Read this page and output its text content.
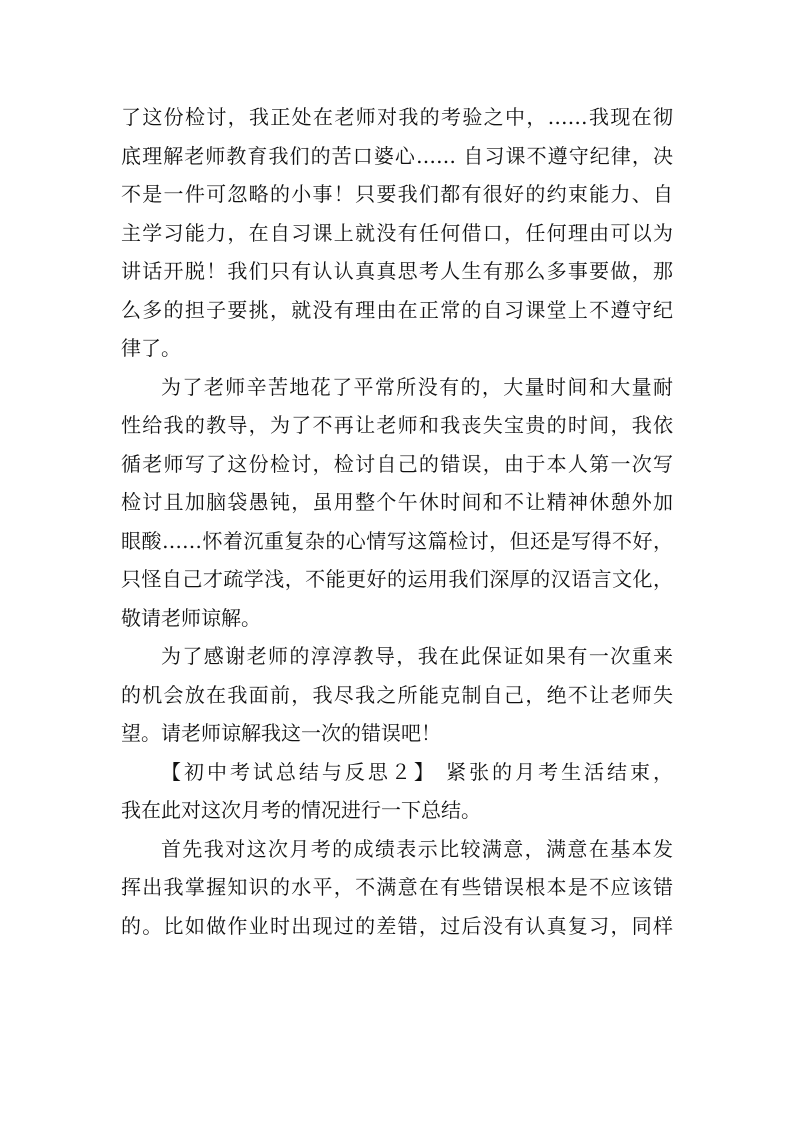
了这份检讨，我正处在老师对我的考验之中，……我现在彻
底理解老师教育我们的苦口婆心…… 自习课不遵守纪律，决
不是一件可忽略的小事！只要我们都有很好的约束能力、自
主学习能力，在自习课上就没有任何借口，任何理由可以为
讲话开脱！我们只有认认真真思考人生有那么多事要做，那
么多的担子要挑，就没有理由在正常的自习课堂上不遵守纪
律了。
为了老师辛苦地花了平常所没有的，大量时间和大量耐
性给我的教导，为了不再让老师和我丧失宝贵的时间，我依
循老师写了这份检讨，检讨自己的错误，由于本人第一次写
检讨且加脑袋愚钝，虽用整个午休时间和不让精神休憩外加
眼酸……怀着沉重复杂的心情写这篇检讨，但还是写得不好，
只怪自己才疏学浅，不能更好的运用我们深厚的汉语言文化，
敬请老师谅解。
为了感谢老师的淳淳教导，我在此保证如果有一次重来
的机会放在我面前，我尽我之所能克制自己，绝不让老师失
望。请老师谅解我这一次的错误吧！
【初中考试总结与反思２】 紧张的月考生活结束，
我在此对这次月考的情况进行一下总结。
首先我对这次月考的成绩表示比较满意，满意在基本发
挥出我掌握知识的水平，不满意在有些错误根本是不应该错
的。比如做作业时出现过的差错，过后没有认真复习，同样
